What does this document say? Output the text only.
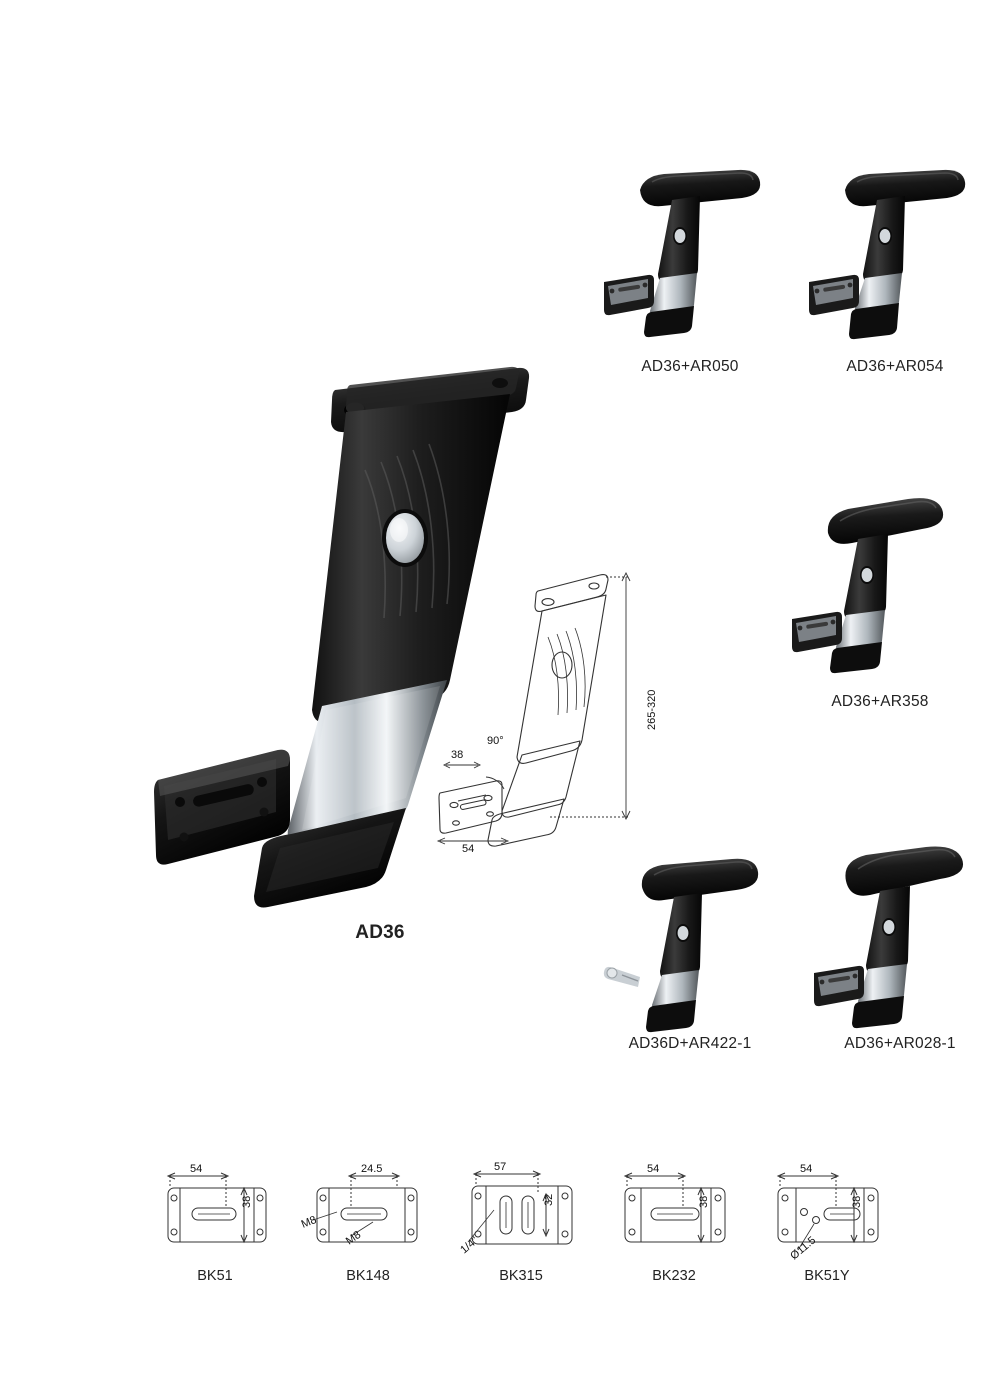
AD36
265-320
90°
38
54
AD36+AR050	AD36+AR054
AD36+AR358
AD36D+AR422-1	AD36+AR028-1
54
38
BK51
24.5
M8
M8
BK148
57
32
1/4"
BK315
54
38
BK232
54
38
Ø11.5
BK51Y
